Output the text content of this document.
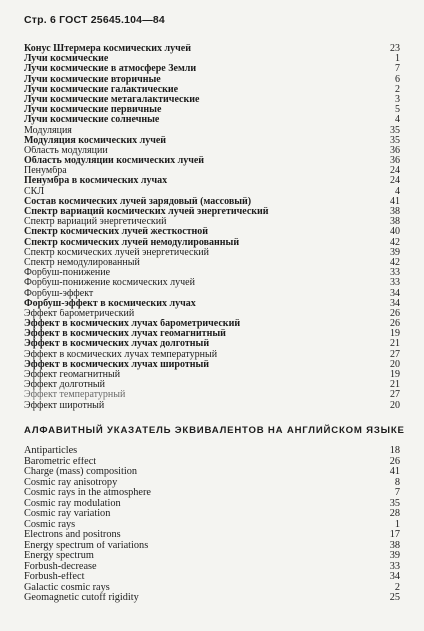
Стр. 6 ГОСТ 25645.104—84
Конус Штермера космических лучей	23
Лучи космические	1
Лучи космические в атмосфере Земли	7
Лучи космические вторичные	6
Лучи космические галактические	2
Лучи космические метагалактические	3
Лучи космические первичные	5
Лучи космические солнечные	4
Модуляция	35
Модуляция космических лучей	35
Область модуляции	36
Область модуляции космических лучей	36
Пенумбра	24
Пенумбра в космических лучах	24
СКЛ	4
Состав космических лучей зарядовый (массовый)	41
Спектр вариаций космических лучей энергетический	38
Спектр вариаций энергетический	38
Спектр космических лучей жесткостной	40
Спектр космических лучей немодулированный	42
Спектр космических лучей энергетический	39
Спектр немодулированный	42
Форбуш-понижение	33
Форбуш-понижение космических лучей	33
Форбуш-эффект	34
Форбуш-эффект в космических лучах	34
Эффект барометрический	26
Эффект в космических лучах барометрический	26
Эффект в космических лучах геомагнитный	19
Эффект в космических лучах долготный	21
Эффект в космических лучах температурный	27
Эффект в космических лучах широтный	20
Эффект геомагнитный	19
Эффект долготный	21
Эффект температурный	27
Эффект широтный	20
АЛФАВИТНЫЙ УКАЗАТЕЛЬ ЭКВИВАЛЕНТОВ НА АНГЛИЙСКОМ ЯЗЫКЕ
Antiparticles	18
Barometric effect	26
Charge (mass) composition	41
Cosmic ray anisotropy	8
Cosmic rays in the atmosphere	7
Cosmic ray modulation	35
Cosmic ray variation	28
Cosmic rays	1
Electrons and positrons	17
Energy spectrum of variations	38
Energy spectrum	39
Forbush-decrease	33
Forbush-effect	34
Galactic cosmic rays	2
Geomagnetic cutoff rigidity	25
